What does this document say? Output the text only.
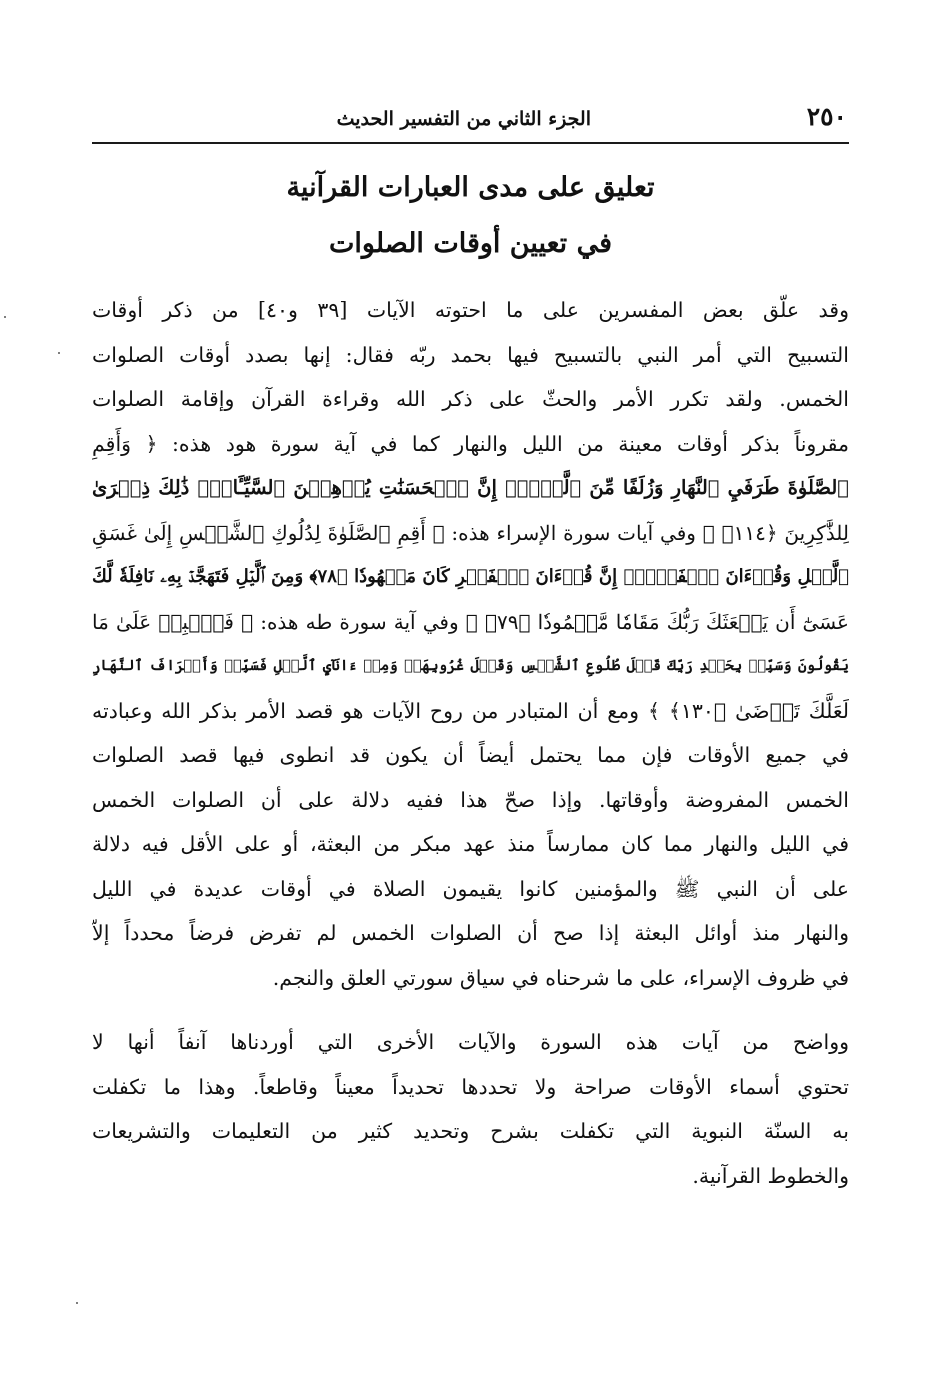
٢٥٠
الجزء الثاني من التفسير الحديث
تعليق على مدى العبارات القرآنية
في تعيين أوقات الصلوات
وقد علّق بعض المفسرين على ما احتوته الآيات [٣٩ و٤٠] من ذكر أوقات
التسبيح التي أمر النبي بالتسبيح فيها بحمد ربّه فقال: إنها بصدد أوقات الصلوات
الخمس. ولقد تكرر الأمر والحثّ على ذكر الله وقراءة القرآن وإقامة الصلوات
مقروناً بذكر أوقات معينة من الليل والنهار كما في آية سورة هود هذه: ﴿ وَأَقِمِ
ٱلصَّلَوٰةَ طَرَفَيِ ٱلنَّهَارِ وَزُلَفًا مِّنَ ٱلَّيۡلِۚ إِنَّ ٱلۡحَسَنَٰتِ يُذۡهِبۡنَ ٱلسَّيِّـَٔاتِۚ ذَٰلِكَ ذِكۡرَىٰ
لِلذَّٰكِرِينَ ﴿١١٤﴾ ﴾ وفي آيات سورة الإسراء هذه: ﴿ أَقِمِ ٱلصَّلَوٰةَ لِدُلُوكِ ٱلشَّمۡسِ إِلَىٰ غَسَقِ
ٱلَّيۡلِ وَقُرۡءَانَ ٱلۡفَجۡرِۖ إِنَّ قُرۡءَانَ ٱلۡفَجۡرِ كَانَ مَشۡهُودٗا ﴿٧٨﴾ وَمِنَ ٱلَّيۡلِ فَتَهَجَّدۡ بِهِۦ نَافِلَةٗ لَّكَ
عَسَىٰٓ أَن يَبۡعَثَكَ رَبُّكَ مَقَامٗا مَّحۡمُودٗا ﴿٧٩﴾ ﴾ وفي آية سورة طه هذه: ﴿ فَٱصۡبِرۡ عَلَىٰ مَا
يَقُولُونَ وَسَبِّحۡ بِحَمۡدِ رَبِّكَ قَبۡلَ طُلُوعِ ٱلشَّمۡسِ وَقَبۡلَ غُرُوبِهَاۖ وَمِنۡ ءَانَآيِٕ ٱلَّيۡلِ فَسَبِّحۡ وَأَطۡرَافَ ٱلنَّهَارِ
لَعَلَّكَ تَرۡضَىٰ ﴿١٣٠﴾ ﴾ ومع أن المتبادر من روح الآيات هو قصد الأمر بذكر الله وعبادته
في جميع الأوقات فإن مما يحتمل أيضاً أن يكون قد انطوى فيها قصد الصلوات
الخمس المفروضة وأوقاتها. وإذا صحّ هذا ففيه دلالة على أن الصلوات الخمس
في الليل والنهار مما كان ممارساً منذ عهد مبكر من البعثة، أو على الأقل فيه دلالة
على أن النبي ﷺ والمؤمنين كانوا يقيمون الصلاة في أوقات عديدة في الليل
والنهار منذ أوائل البعثة إذا صح أن الصلوات الخمس لم تفرض فرضاً محدداً إلاّ
في ظروف الإسراء، على ما شرحناه في سياق سورتي العلق والنجم.
وواضح من آيات هذه السورة والآيات الأخرى التي أوردناها آنفاً أنها لا
تحتوي أسماء الأوقات صراحة ولا تحددها تحديداً معيناً وقاطعاً. وهذا ما تكفلت
به السنّة النبوية التي تكفلت بشرح وتحديد كثير من التعليمات والتشريعات
والخطوط القرآنية.
